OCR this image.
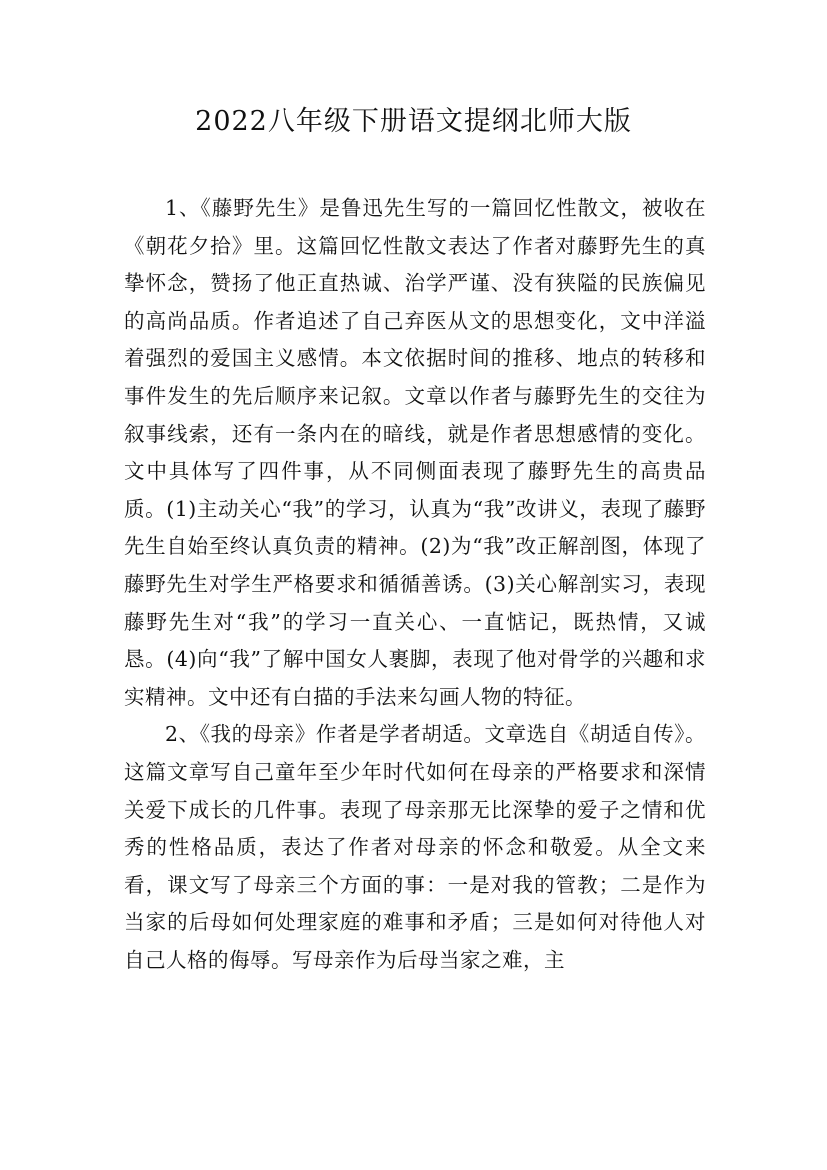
2022八年级下册语文提纲北师大版

1、《藤野先生》是鲁迅先生写的一篇回忆性散文，被收在《朝花夕拾》里。这篇回忆性散文表达了作者对藤野先生的真挚怀念，赞扬了他正直热诚、治学严谨、没有狭隘的民族偏见的高尚品质。作者追述了自己弃医从文的思想变化，文中洋溢着强烈的爱国主义感情。本文依据时间的推移、地点的转移和事件发生的先后顺序来记叙。文章以作者与藤野先生的交往为叙事线索，还有一条内在的暗线，就是作者思想感情的变化。文中具体写了四件事，从不同侧面表现了藤野先生的高贵品质。(1)主动关心“我”的学习，认真为“我”改讲义，表现了藤野先生自始至终认真负责的精神。(2)为“我”改正解剖图，体现了藤野先生对学生严格要求和循循善诱。(3)关心解剖实习，表现藤野先生对“我”的学习一直关心、一直惦记，既热情，又诚恳。(4)向“我”了解中国女人裹脚，表现了他对骨学的兴趣和求实精神。文中还有白描的手法来勾画人物的特征。

2、《我的母亲》作者是学者胡适。文章选自《胡适自传》。这篇文章写自己童年至少年时代如何在母亲的严格要求和深情关爱下成长的几件事。表现了母亲那无比深挚的爱子之情和优秀的性格品质，表达了作者对母亲的怀念和敬爱。从全文来看，课文写了母亲三个方面的事：一是对我的管教；二是作为当家的后母如何处理家庭的难事和矛盾；三是如何对待他人对自己人格的侮辱。写母亲作为后母当家之难，主
